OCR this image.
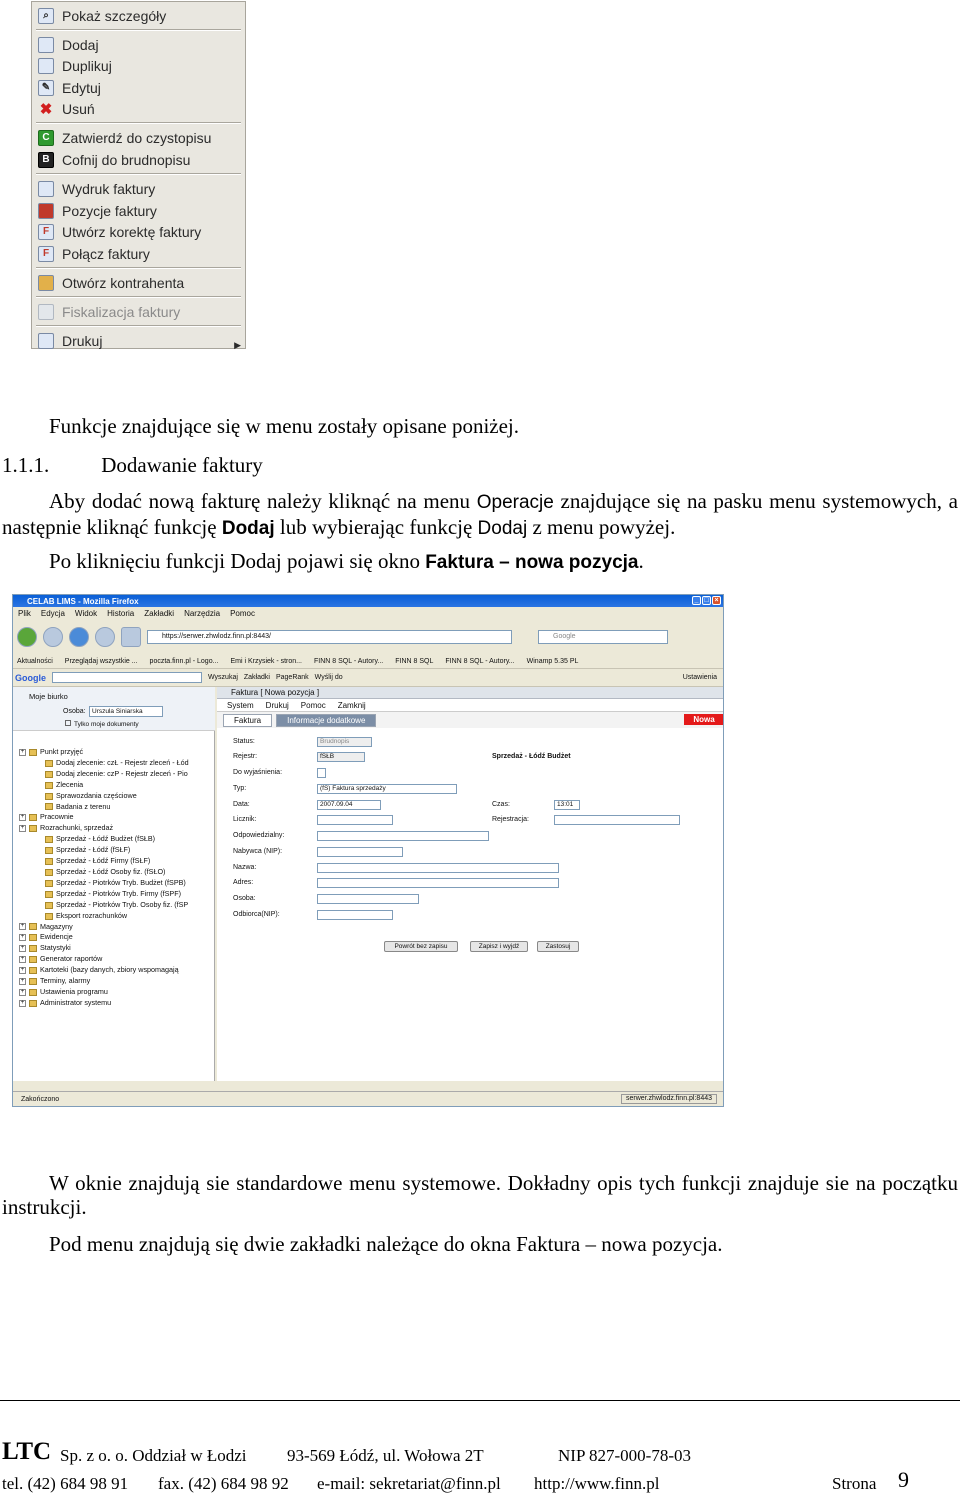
⌕ Pokaż szczegóły
Dodaj
Duplikuj
✎ Edytuj
✖ Usuń
C Zatwierdź do czystopisu
B Cofnij do brudnopisu
Wydruk faktury
Pozycje faktury
F Utwórz korektę faktury
F Połącz faktury
Otwórz kontrahenta
Fiskalizacja faktury
Drukuj	▶
Funkcje znajdujące się w menu zostały opisane poniżej.
1.1.1. Dodawanie faktury
Aby dodać nową fakturę należy kliknąć na menu Operacje znajdujące się na pasku menu systemowych, a następnie kliknąć funkcję Dodaj lub wybierając funkcję Dodaj z menu powyżej.
Po kliknięciu funkcji Dodaj pojawi się okno Faktura – nowa pozycja.
CELAB LIMS - Mozilla Firefox	_ □ ×
Plik Edycja Widok Historia Zakładki Narzędzia Pomoc
https://serwer.zhwlodz.finn.pl:8443/	Google
Aktualności Przeglądaj wszystkie ... poczta.finn.pl - Logo... Emi i Krzysiek - stron... FINN 8 SQL - Autory... FINN 8 SQL FINN 8 SQL - Autory... Winamp 5.35 PL
Google	Wyszukaj Zakładki PageRank Wyślij do	Ustawienia
Moje biurko
Osoba: Urszula Siniarska
Tylko moje dokumenty
+ Punkt przyjęć
Dodaj zlecenie: czŁ - Rejestr zleceń - Łód
Dodaj zlecenie: czP - Rejestr zleceń - Pio
Zlecenia
Sprawozdania częściowe
Badania z terenu
+ Pracownie
+ Rozrachunki, sprzedaż
Sprzedaż - Łódź Budżet (fSŁB)
Sprzedaż - Łódź (fSŁF)
Sprzedaż - Łódź Firmy (fSŁF)
Sprzedaż - Łódź Osoby fiz. (fSŁO)
Sprzedaż - Piotrków Tryb. Budżet (fSPB)
Sprzedaż - Piotrków Tryb. Firmy (fSPF)
Sprzedaż - Piotrków Tryb. Osoby fiz. (fSP
Eksport rozrachunków
+ Magazyny
+ Ewidencje
+ Statystyki
+ Generator raportów
+ Kartoteki (bazy danych, zbiory wspomagają
+ Terminy, alarmy
+ Ustawienia programu
+ Administrator systemu
Faktura [ Nowa pozycja ]
System Drukuj Pomoc Zamknij
Faktura	Informacje dodatkowe	Nowa
Status:	Brudnopis
Rejestr:	fSŁB	Sprzedaż - Łódź Budżet
Do wyjaśnienia:
Typ:	(fS) Faktura sprzedaży
Data:	2007.09.04	Czas:	13:01
Licznik:	Rejestracja:
Odpowiedzialny:
Nabywca (NIP):
Nazwa:
Adres:
Osoba:
Odbiorca(NIP):
Powrót bez zapisu	Zapisz i wyjdź	Zastosuj
Zakończono	serwer.zhwlodz.finn.pl:8443
W oknie znajdują sie standardowe menu systemowe. Dokładny opis tych funkcji znajduje sie na początku instrukcji.
Pod menu znajdują się dwie zakładki należące do okna Faktura – nowa pozycja.
LTC Sp. z o. o. Oddział w Łodzi 93-569 Łódź, ul. Wołowa 2T	NIP 827-000-78-03
tel. (42) 684 98 91 fax. (42) 684 98 92 e-mail: sekretariat@finn.pl http://www.finn.pl	Strona 9
